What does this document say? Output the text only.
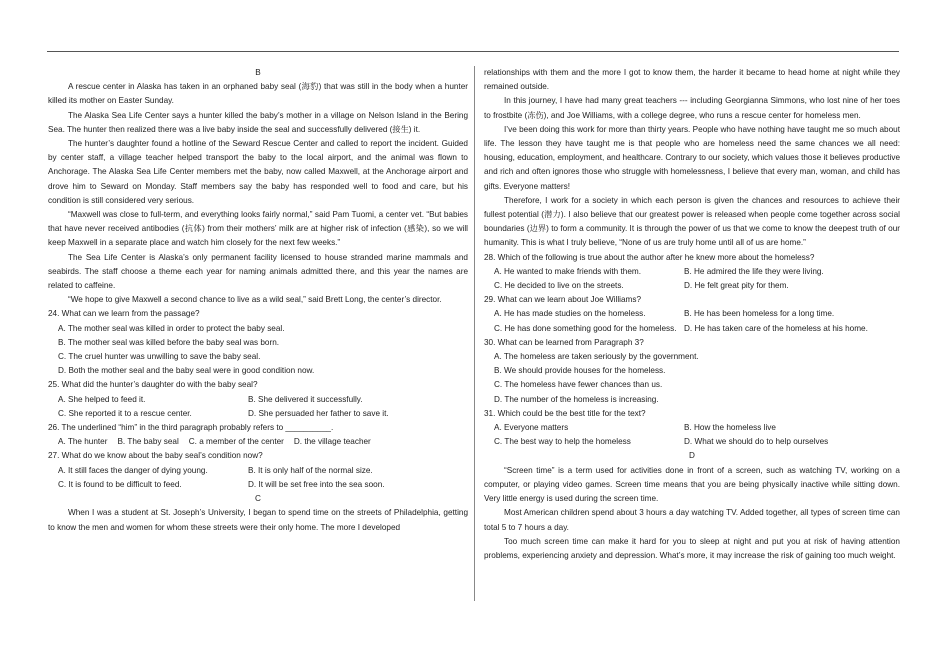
B

A rescue center in Alaska has taken in an orphaned baby seal (海豹) that was still in the body when a hunter killed its mother on Easter Sunday.

The Alaska Sea Life Center says a hunter killed the baby’s mother in a village on Nelson Island in the Bering Sea. The hunter then realized there was a live baby inside the seal and successfully delivered (接生) it.

The hunter’s daughter found a hotline of the Seward Rescue Center and called to report the incident. Guided by center staff, a village teacher helped transport the baby to the local airport, and the animal was flown to Anchorage. The Alaska Sea Life Center members met the baby, now called Maxwell, at the Anchorage airport and drove him to Seward on Monday. Staff members say the baby has responded well to food and care, but his condition is still considered very serious.

“Maxwell was close to full-term, and everything looks fairly normal,” said Pam Tuomi, a center vet. “But babies that have never received antibodies (抗体) from their mothers’ milk are at higher risk of infection (感染), so we will keep Maxwell in a separate place and watch him closely for the next few weeks.”

The Sea Life Center is Alaska’s only permanent facility licensed to house stranded marine mammals and seabirds. The staff choose a theme each year for naming animals admitted there, and this year the names are related to caffeine.

“We hope to give Maxwell a second chance to live as a wild seal,” said Brett Long, the center’s director.

24. What can we learn from the passage?

A. The mother seal was killed in order to protect the baby seal.

B. The mother seal was killed before the baby seal was born.

C. The cruel hunter was unwilling to save the baby seal.

D. Both the mother seal and the baby seal were in good condition now.

25. What did the hunter’s daughter do with the baby seal?

A. She helped to feed it.	B. She delivered it successfully.
C. She reported it to a rescue center.	D. She persuaded her father to save it.

26. The underlined “him” in the third paragraph probably refers to __________.

A. The hunter B. The baby seal C. a member of the center D. the village teacher

27. What do we know about the baby seal’s condition now?

A. It still faces the danger of dying young.	B. It is only half of the normal size.
C. It is found to be difficult to feed.	D. It will be set free into the sea soon.

C

When I was a student at St. Joseph’s University, I began to spend time on the streets of Philadelphia, getting to know the men and women for whom these streets were their only home. The more I developed

relationships with them and the more I got to know them, the harder it became to head home at night while they remained outside.

In this journey, I have had many great teachers --- including Georgianna Simmons, who lost nine of her toes to frostbite (冻伤), and Joe Williams, with a college degree, who runs a rescue center for homeless men.

I’ve been doing this work for more than thirty years. People who have nothing have taught me so much about life. The lesson they have taught me is that people who are homeless need the same chances we all need: housing, education, employment, and healthcare. Contrary to our society, which values those it believes productive and rich and often ignores those who struggle with homelessness, I believe that every man, woman, and child has gifts. Everyone matters!

Therefore, I work for a society in which each person is given the chances and resources to achieve their fullest potential (潜力). I also believe that our greatest power is released when people come together across social boundaries (边界) to form a community. It is through the power of us that we come to know the deepest truth of our humanity. This is what I truly believe, “None of us are truly home until all of us are home.”

28. Which of the following is true about the author after he knew more about the homeless?

A. He wanted to make friends with them.	B. He admired the life they were living.
C. He decided to live on the streets.	D. He felt great pity for them.

29. What can we learn about Joe Williams?

A. He has made studies on the homeless.	B. He has been homeless for a long time.
C. He has done something good for the homeless. D. He has taken care of the homeless at his home.

30. What can be learned from Paragraph 3?

A. The homeless are taken seriously by the government.

B. We should provide houses for the homeless.

C. The homeless have fewer chances than us.

D. The number of the homeless is increasing.

31. Which could be the best title for the text?

A. Everyone matters	B. How the homeless live
C. The best way to help the homeless	D. What we should do to help ourselves

D

“Screen time” is a term used for activities done in front of a screen, such as watching TV, working on a computer, or playing video games. Screen time means that you are being physically inactive while sitting down. Very little energy is used during the screen time.

Most American children spend about 3 hours a day watching TV. Added together, all types of screen time can total 5 to 7 hours a day.

Too much screen time can make it hard for you to sleep at night and put you at risk of having attention problems, experiencing anxiety and depression. What’s more, it may increase the risk of gaining too much weight.
